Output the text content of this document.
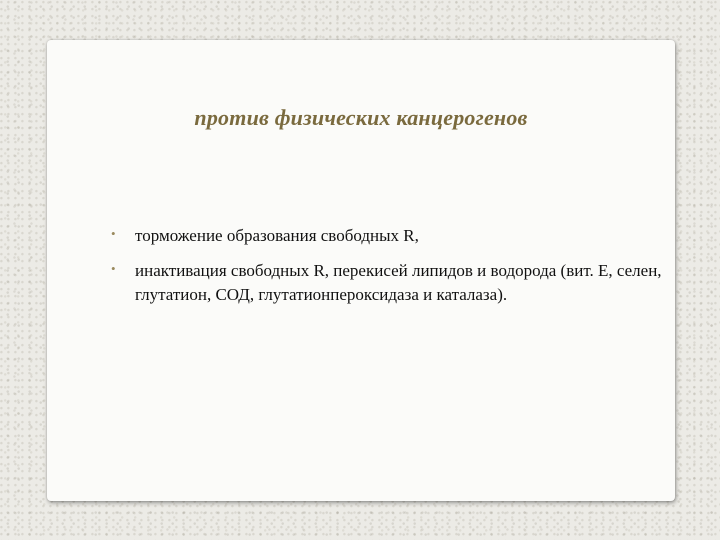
против физических канцерогенов
• торможение образования свободных R,
• инактивация свободных R, перекисей липидов и водорода (вит. Е, селен, глутатион, СОД, глутатионпероксидаза и каталаза).
